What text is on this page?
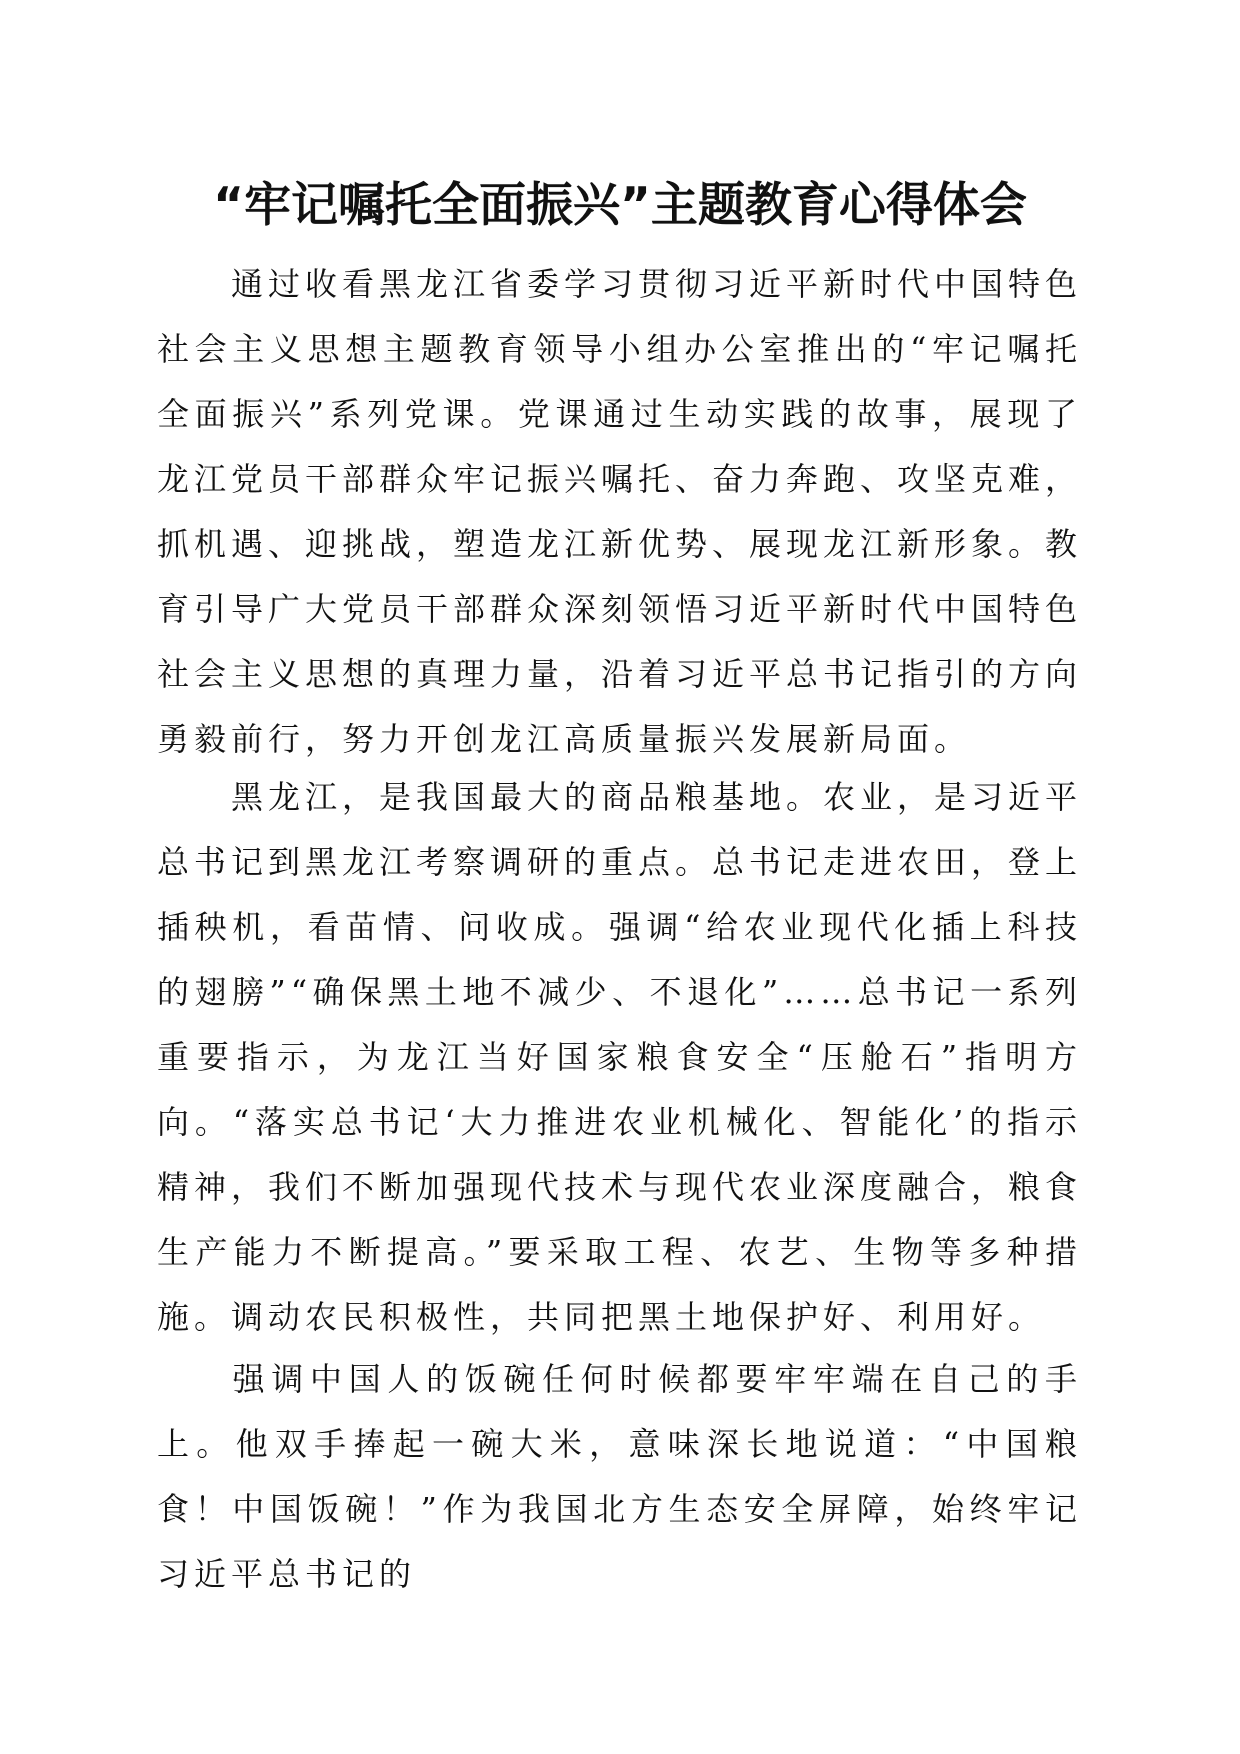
“牢记嘱托全面振兴”主题教育心得体会

通过收看黑龙江省委学习贯彻习近平新时代中国特色社会主义思想主题教育领导小组办公室推出的“牢记嘱托全面振兴”系列党课。党课通过生动实践的故事，展现了龙江党员干部群众牢记振兴嘱托、奋力奔跑、攻坚克难，抓机遇、迎挑战，塑造龙江新优势、展现龙江新形象。教育引导广大党员干部群众深刻领悟习近平新时代中国特色社会主义思想的真理力量，沿着习近平总书记指引的方向勇毅前行，努力开创龙江高质量振兴发展新局面。

黑龙江，是我国最大的商品粮基地。农业，是习近平总书记到黑龙江考察调研的重点。总书记走进农田，登上插秧机，看苗情、问收成。强调“给农业现代化插上科技的翅膀”“确保黑土地不减少、不退化”……总书记一系列重要指示，为龙江当好国家粮食安全“压舱石”指明方向。“落实总书记‘大力推进农业机械化、智能化’的指示精神，我们不断加强现代技术与现代农业深度融合，粮食生产能力不断提高。”要采取工程、农艺、生物等多种措施。调动农民积极性，共同把黑土地保护好、利用好。

强调中国人的饭碗任何时候都要牢牢端在自己的手上。他双手捧起一碗大米，意味深长地说道：“中国粮食！中国饭碗！”作为我国北方生态安全屏障，始终牢记习近平总书记的
